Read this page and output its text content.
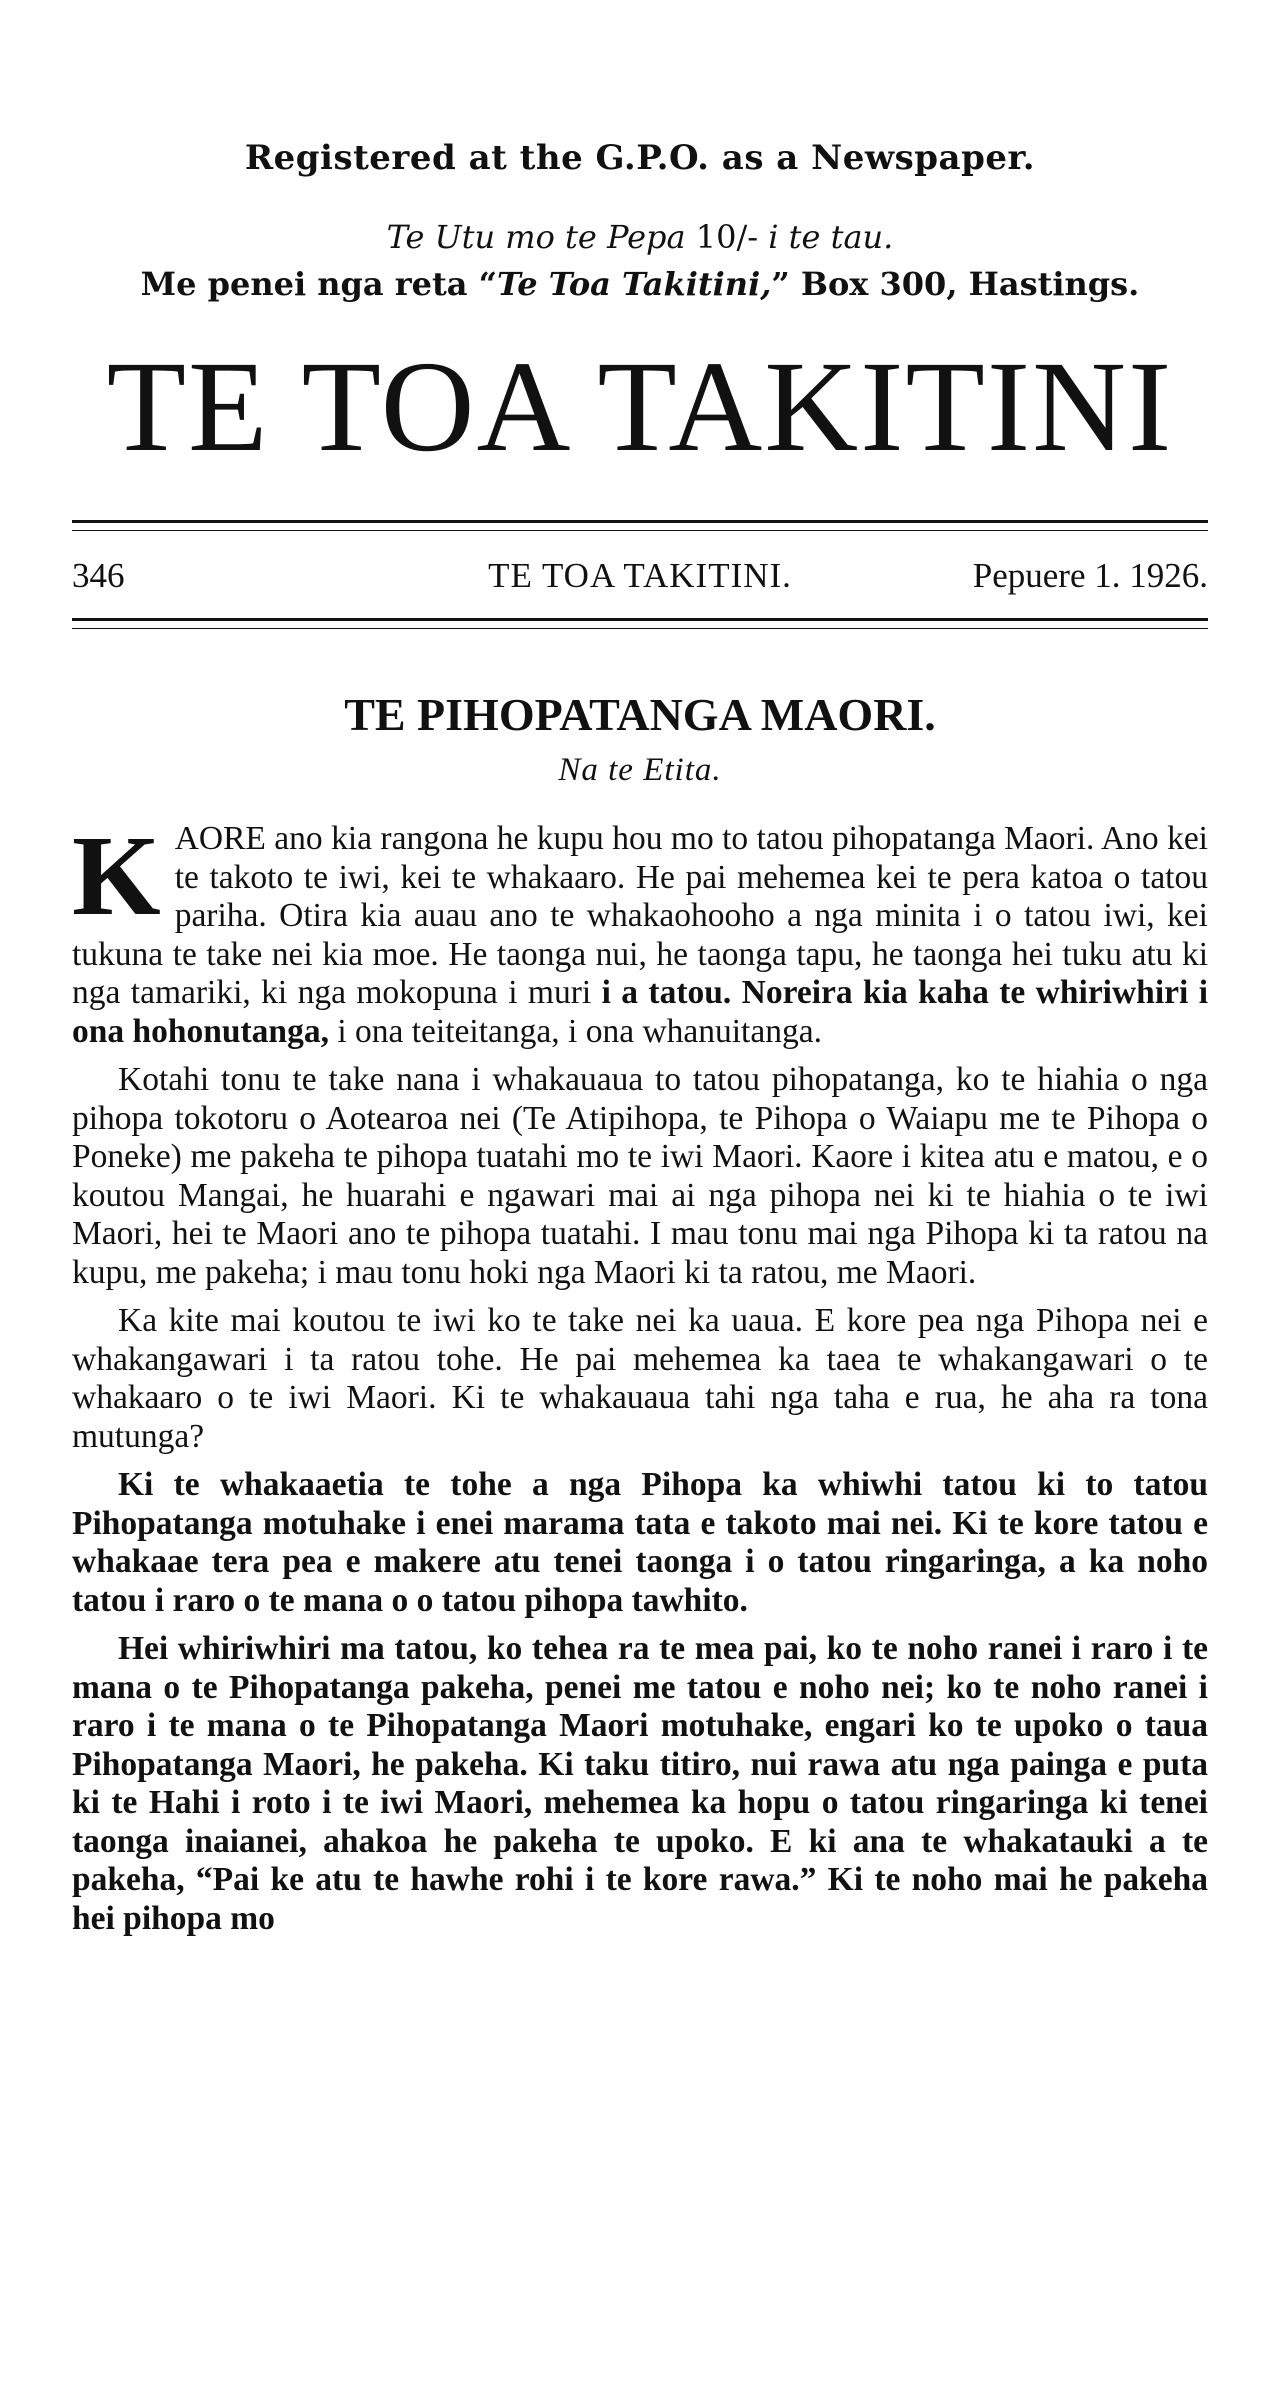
Registered at the G.P.O. as a Newspaper.
Te Utu mo te Pepa 10/- i te tau.
Me penei nga reta “Te Toa Takitini,” Box 300, Hastings.
TE TOA TAKITINI
346	TE TOA TAKITINI.	Pepuere 1. 1926.
TE PIHOPATANGA MAORI.
Na te Etita.

KAORE ano kia rangona he kupu hou mo to tatou pihopatanga Maori. Ano kei te takoto te iwi, kei te whakaaro. He pai mehemea kei te pera katoa o tatou pariha. Otira kia auau ano te whakaohooho a nga minita i o tatou iwi, kei tukuna te take nei kia moe. He taonga nui, he taonga tapu, he taonga hei tuku atu ki nga tamariki, ki nga mokopuna i muri i a tatou. Noreira kia kaha te whiriwhiri i ona hohonutanga, i ona teiteitanga, i ona whanuitanga.

Kotahi tonu te take nana i whakauaua to tatou pihopatanga, ko te hiahia o nga pihopa tokotoru o Aotearoa nei (Te Atipihopa, te Pihopa o Waiapu me te Pihopa o Poneke) me pakeha te pihopa tuatahi mo te iwi Maori. Kaore i kitea atu e matou, e o koutou Mangai, he huarahi e ngawari mai ai nga pihopa nei ki te hiahia o te iwi Maori, hei te Maori ano te pihopa tuatahi. I mau tonu mai nga Pihopa ki ta ratou na kupu, me pakeha; i mau tonu hoki nga Maori ki ta ratou, me Maori.

Ka kite mai koutou te iwi ko te take nei ka uaua. E kore pea nga Pihopa nei e whakangawari i ta ratou tohe. He pai mehemea ka taea te whakangawari o te whakaaro o te iwi Maori. Ki te whakauaua tahi nga taha e rua, he aha ra tona mutunga?

Ki te whakaaetia te tohe a nga Pihopa ka whiwhi tatou ki to tatou Pihopatanga motuhake i enei marama tata e takoto mai nei. Ki te kore tatou e whakaae tera pea e makere atu tenei taonga i o tatou ringaringa, a ka noho tatou i raro o te mana o o tatou pihopa tawhito.

Hei whiriwhiri ma tatou, ko tehea ra te mea pai, ko te noho ranei i raro i te mana o te Pihopatanga pakeha, penei me tatou e noho nei; ko te noho ranei i raro i te mana o te Pihopatanga Maori motuhake, engari ko te upoko o taua Pihopatanga Maori, he pakeha. Ki taku titiro, nui rawa atu nga painga e puta ki te Hahi i roto i te iwi Maori, mehemea ka hopu o tatou ringaringa ki tenei taonga inaianei, ahakoa he pakeha te upoko. E ki ana te whakatauki a te pakeha, “Pai ke atu te hawhe rohi i te kore rawa.” Ki te noho mai he pakeha hei pihopa mo
